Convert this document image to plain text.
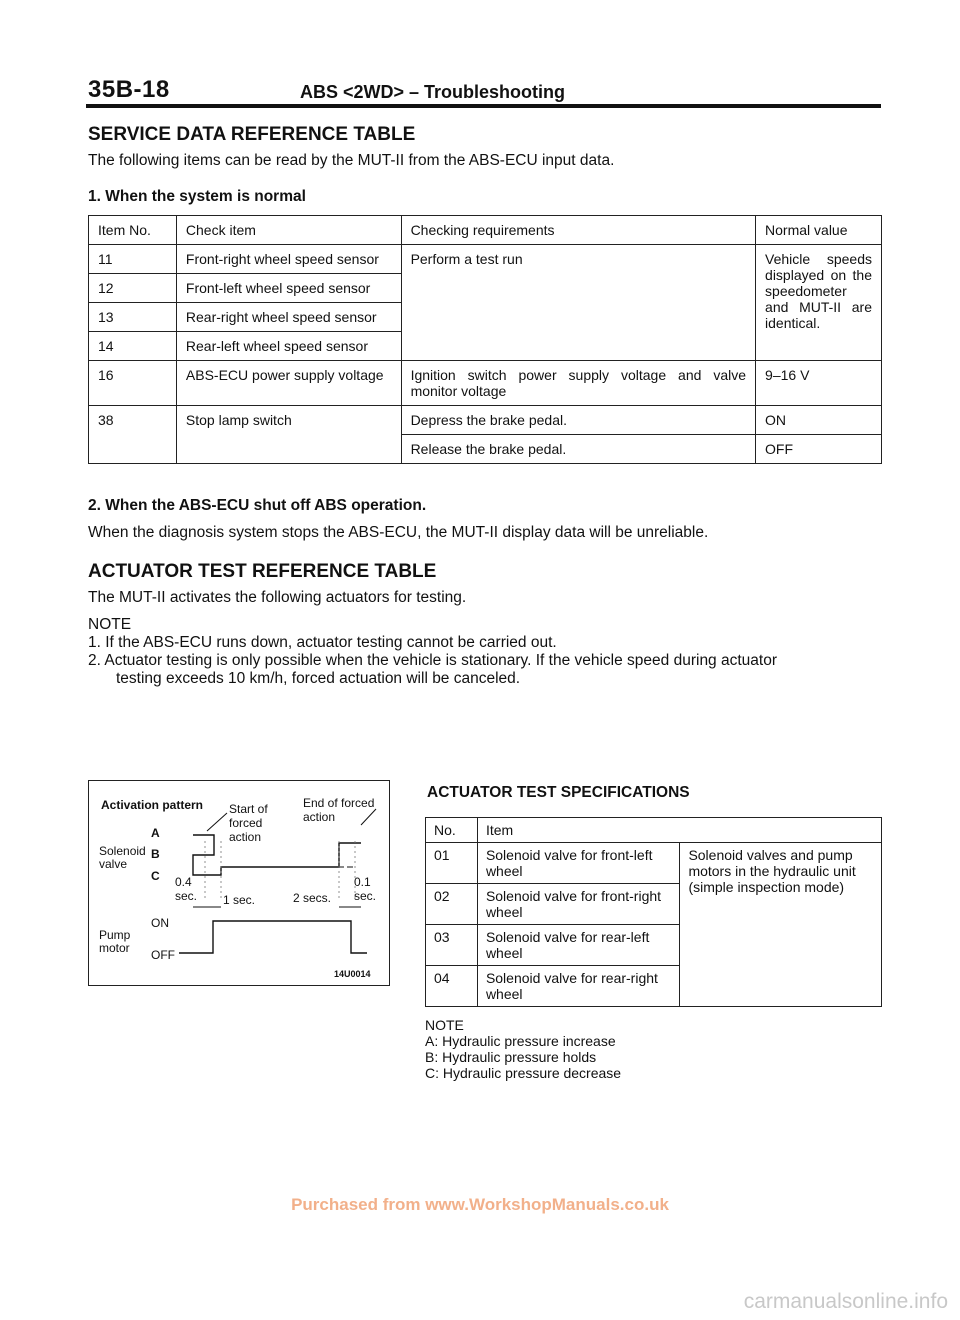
35B-18	ABS <2WD> – Troubleshooting
SERVICE DATA REFERENCE TABLE
The following items can be read by the MUT-II from the ABS-ECU input data.
1. When the system is normal
Item No.	Check item	Checking requirements	Normal value
11	Front-right wheel speed sensor	Perform a test run	Vehicle speeds displayed on the speedometer and MUT-II are identical.
12	Front-left wheel speed sensor		
13	Rear-right wheel speed sensor		
14	Rear-left wheel speed sensor		
16	ABS-ECU power supply voltage	Ignition switch power supply voltage and valve monitor voltage	9–16 V
38	Stop lamp switch	Depress the brake pedal.	ON
		Release the brake pedal.	OFF
2. When the ABS-ECU shut off ABS operation.
When the diagnosis system stops the ABS-ECU, the MUT-II display data will be unreliable.
ACTUATOR TEST REFERENCE TABLE
The MUT-II activates the following actuators for testing.
NOTE
1. If the ABS-ECU runs down, actuator testing cannot be carried out.
2. Actuator testing is only possible when the vehicle is stationary. If the vehicle speed during actuator
testing exceeds 10 km/h, forced actuation will be canceled.
Activation pattern Start of
forced
action
End of forced
action
A
Solenoid
valve
B
C 0.4
sec. 1 sec.	2 secs.
0.1
sec.
Pump
motor
ON
OFF
14U0014
ACTUATOR TEST SPECIFICATIONS
No.	Item	
01	Solenoid valve for front-left wheel	Solenoid valves and pump motors in the hydraulic unit (simple inspection mode)
02	Solenoid valve for front-right wheel	
03	Solenoid valve for rear-left wheel	
04	Solenoid valve for rear-right wheel	
NOTE
A: Hydraulic pressure increase
B: Hydraulic pressure holds
C: Hydraulic pressure decrease
Purchased from www.WorkshopManuals.co.uk
carmanualsonline.info
